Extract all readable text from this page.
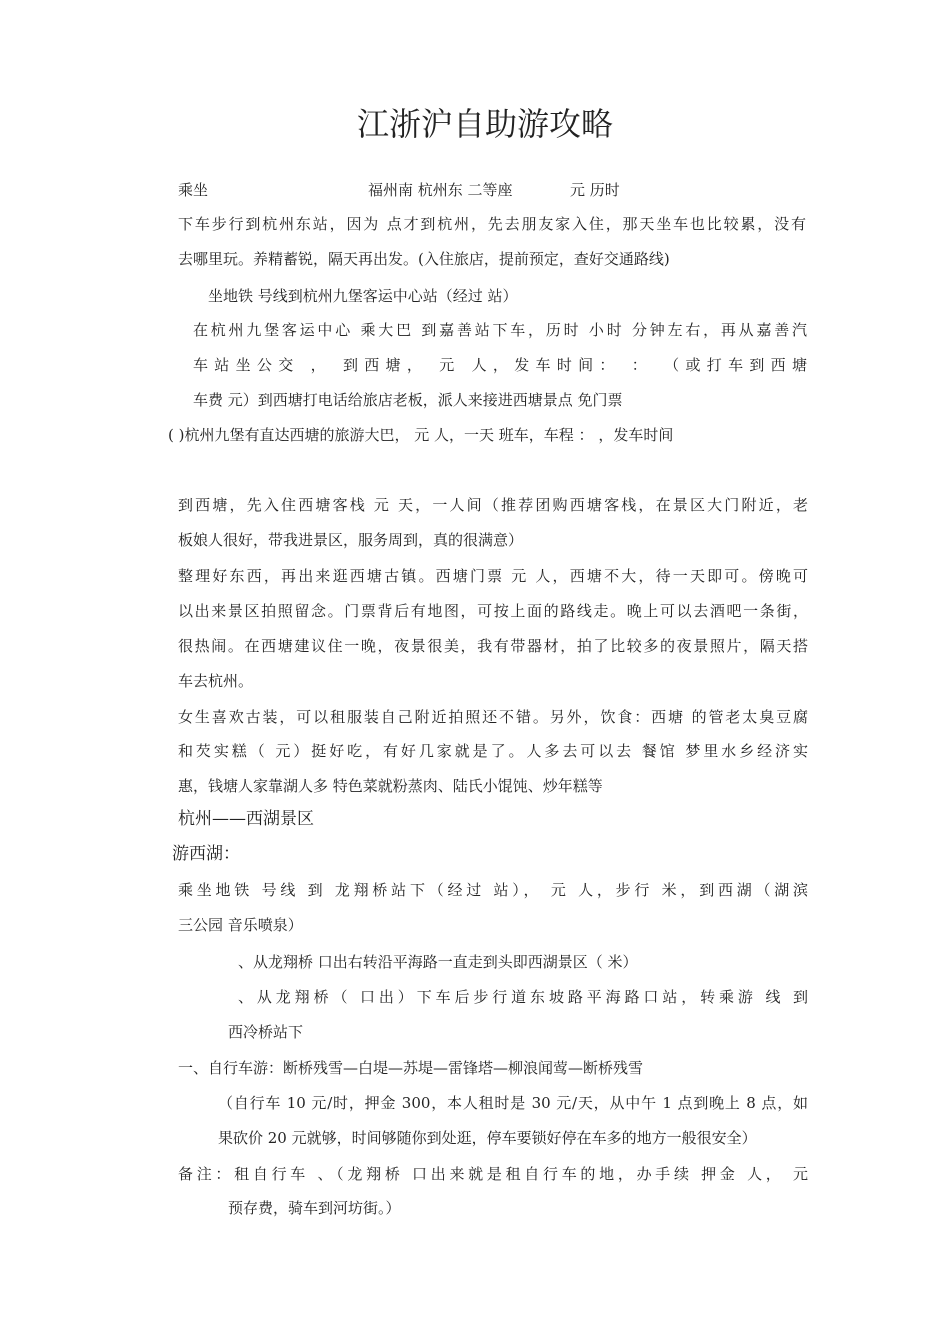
江浙沪自助游攻略
乘坐	福州南 杭州东 二等座	元 历时
下车步行到杭州东站，因为 点才到杭州，先去朋友家入住，那天坐车也比较累，没有
去哪里玩。养精蓄锐，隔天再出发。(入住旅店，提前预定，查好交通路线)
坐地铁 号线到杭州九堡客运中心站（经过 站）
在杭州九堡客运中心 乘大巴 到嘉善站下车，历时 小时 分钟左右，再从嘉善汽
车站坐公交 ， 到西塘， 元 人，发车时间： ： （或打车到西塘
车费 元）到西塘打电话给旅店老板，派人来接进西塘景点 免门票
( )杭州九堡有直达西塘的旅游大巴， 元 人，一天 班车，车程 ： ，发车时间
到西塘，先入住西塘客栈 元 天，一人间（推荐团购西塘客栈，在景区大门附近，老
板娘人很好，带我进景区，服务周到，真的很满意）
整理好东西，再出来逛西塘古镇。西塘门票 元 人，西塘不大，待一天即可。傍晚可
以出来景区拍照留念。门票背后有地图，可按上面的路线走。晚上可以去酒吧一条街，
很热闹。在西塘建议住一晚，夜景很美，我有带器材，拍了比较多的夜景照片，隔天搭
车去杭州。
女生喜欢古装，可以租服装自己附近拍照还不错。另外，饮食：西塘 的管老太臭豆腐
和芡实糕（ 元）挺好吃，有好几家就是了。人多去可以去 餐馆 梦里水乡经济实
惠，钱塘人家靠湖人多 特色菜就粉蒸肉、陆氏小馄饨、炒年糕等
杭州——西湖景区
游西湖：
乘坐地铁 号线 到 龙翔桥站下（经过 站）， 元 人，步行 米，到西湖（湖滨
三公园 音乐喷泉）
、从龙翔桥 口出右转沿平海路一直走到头即西湖景区（ 米）
、从龙翔桥（ 口出）下车后步行道东坡路平海路口站，转乘游 线 到
西冷桥站下
一、自行车游：断桥残雪—白堤—苏堤—雷锋塔—柳浪闻莺—断桥残雪
（自行车 10 元/时，押金 300，本人租时是 30 元/天，从中午 1 点到晚上 8 点，如
果砍价 20 元就够，时间够随你到处逛，停车要锁好停在车多的地方一般很安全）
备注：租自行车 、（龙翔桥 口出来就是租自行车的地，办手续 押金 人， 元
预存费，骑车到河坊街。）
